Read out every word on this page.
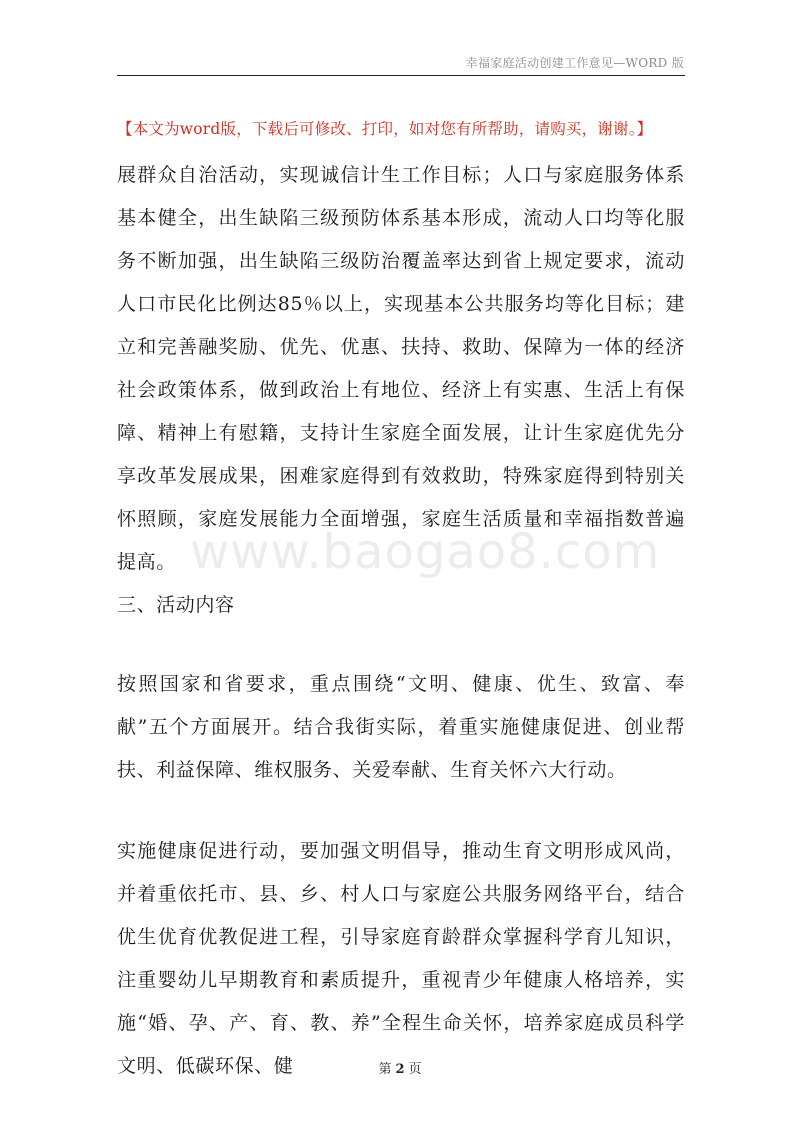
幸福家庭活动创建工作意见—WORD 版
【本文为word版，下载后可修改、打印，如对您有所帮助，请购买，谢谢。】

展群众自治活动，实现诚信计生工作目标；人口与家庭服务体系基本健全，出生缺陷三级预防体系基本形成，流动人口均等化服务不断加强，出生缺陷三级防治覆盖率达到省上规定要求，流动人口市民化比例达85％以上，实现基本公共服务均等化目标；建立和完善融奖励、优先、优惠、扶持、救助、保障为一体的经济社会政策体系，做到政治上有地位、经济上有实惠、生活上有保障、精神上有慰籍，支持计生家庭全面发展，让计生家庭优先分享改革发展成果，困难家庭得到有效救助，特殊家庭得到特别关怀照顾，家庭发展能力全面增强，家庭生活质量和幸福指数普遍提高。 www.baogao8.com

三、活动内容

按照国家和省要求，重点围绕“文明、健康、优生、致富、奉献”五个方面展开。结合我街实际，着重实施健康促进、创业帮扶、利益保障、维权服务、关爱奉献、生育关怀六大行动。

实施健康促进行动，要加强文明倡导，推动生育文明形成风尚，并着重依托市、县、乡、村人口与家庭公共服务网络平台，结合优生优育优教促进工程，引导家庭育龄群众掌握科学育儿知识，注重婴幼儿早期教育和素质提升，重视青少年健康人格培养，实施“婚、孕、产、育、教、养”全程生命关怀，培养家庭成员科学文明、低碳环保、健	第 2 页
